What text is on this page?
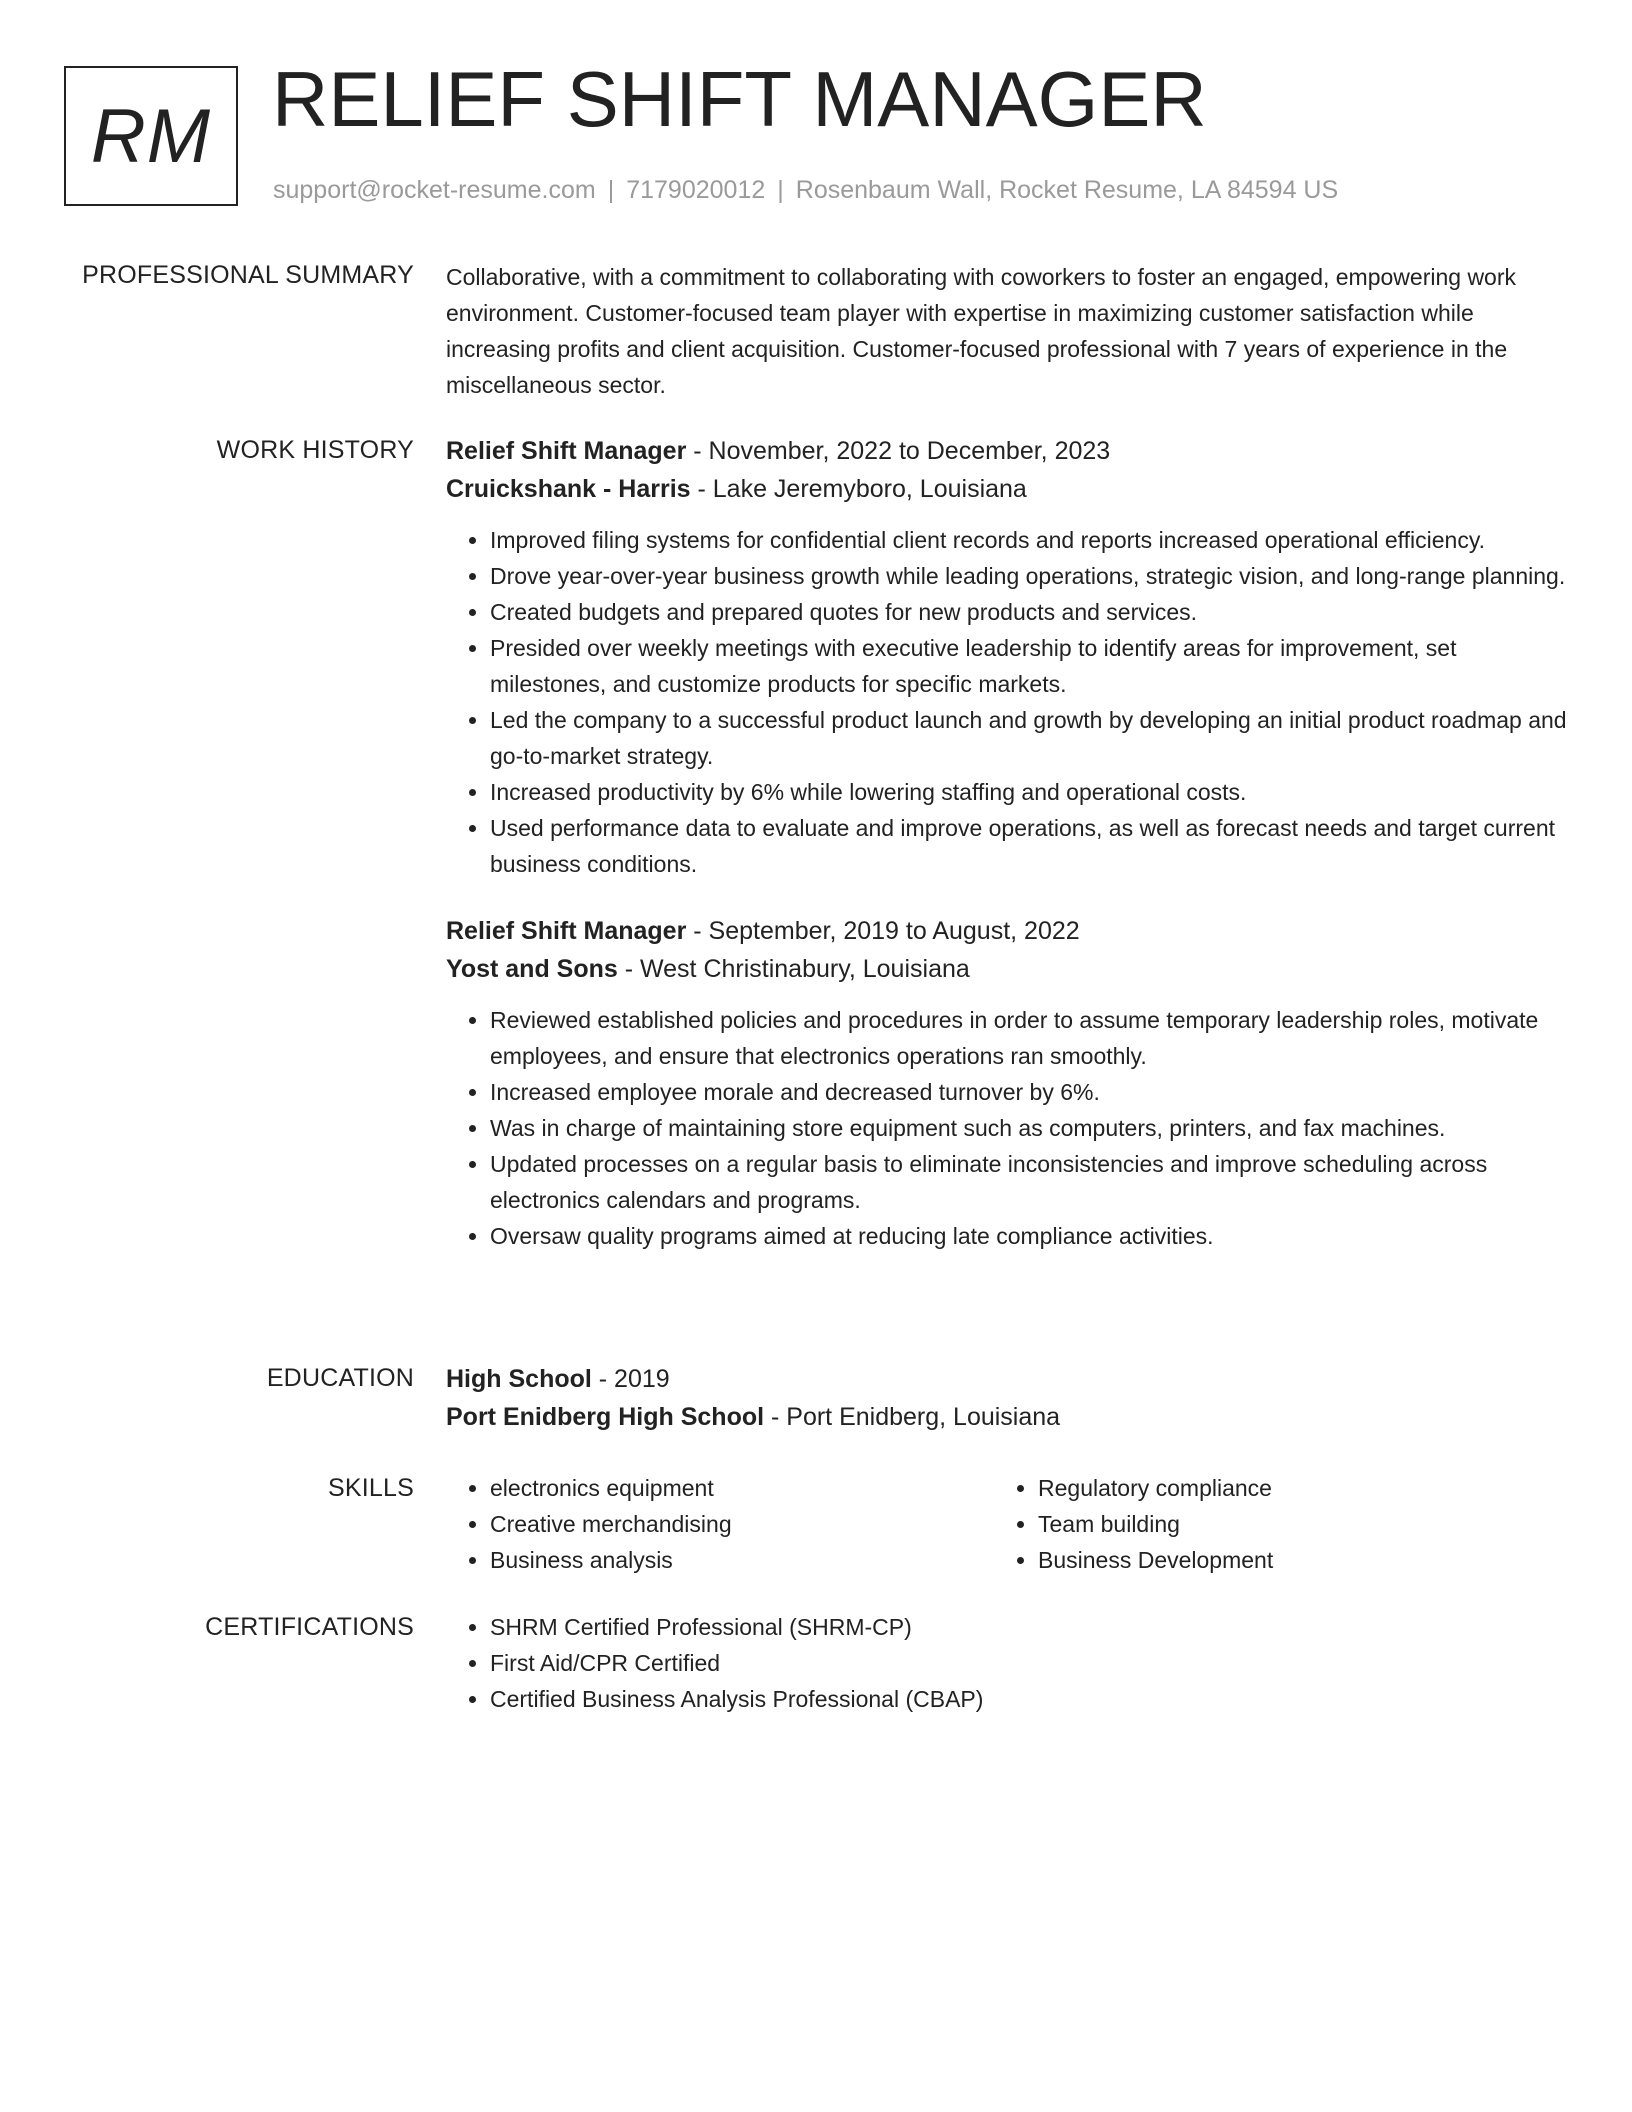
RM RELIEF SHIFT MANAGER
support@rocket-resume.com | 7179020012 | Rosenbaum Wall, Rocket Resume, LA 84594 US
PROFESSIONAL SUMMARY Collaborative, with a commitment to collaborating with coworkers to foster an engaged, empowering work environment. Customer-focused team player with expertise in maximizing customer satisfaction while increasing profits and client acquisition. Customer-focused professional with 7 years of experience in the miscellaneous sector.

WORK HISTORY Relief Shift Manager - November, 2022 to December, 2023
Cruickshank - Harris - Lake Jeremyboro, Louisiana
• Improved filing systems for confidential client records and reports increased operational efficiency.
• Drove year-over-year business growth while leading operations, strategic vision, and long-range planning.
• Created budgets and prepared quotes for new products and services.
• Presided over weekly meetings with executive leadership to identify areas for improvement, set milestones, and customize products for specific markets.
• Led the company to a successful product launch and growth by developing an initial product roadmap and go-to-market strategy.
• Increased productivity by 6% while lowering staffing and operational costs.
• Used performance data to evaluate and improve operations, as well as forecast needs and target current business conditions.
Relief Shift Manager - September, 2019 to August, 2022
Yost and Sons - West Christinabury, Louisiana
• Reviewed established policies and procedures in order to assume temporary leadership roles, motivate employees, and ensure that electronics operations ran smoothly.
• Increased employee morale and decreased turnover by 6%.
• Was in charge of maintaining store equipment such as computers, printers, and fax machines.
• Updated processes on a regular basis to eliminate inconsistencies and improve scheduling across electronics calendars and programs.
• Oversaw quality programs aimed at reducing late compliance activities.
EDUCATION High School - 2019
Port Enidberg High School - Port Enidberg, Louisiana
SKILLS	• electronics equipment
• Creative merchandising
• Business analysis
• Regulatory compliance
• Team building
• Business Development
CERTIFICATIONS	• SHRM Certified Professional (SHRM-CP)
• First Aid/CPR Certified
• Certified Business Analysis Professional (CBAP)
